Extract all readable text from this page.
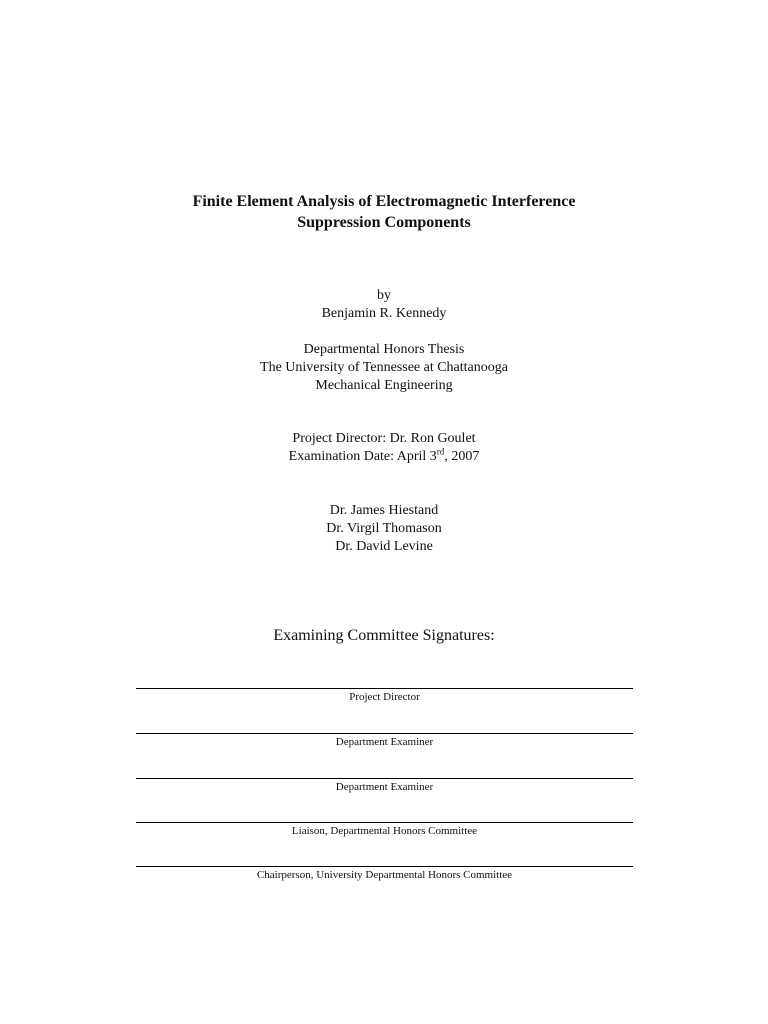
Finite Element Analysis of Electromagnetic Interference
Suppression Components
by
Benjamin R. Kennedy
Departmental Honors Thesis
The University of Tennessee at Chattanooga
Mechanical Engineering
Project Director: Dr. Ron Goulet
Examination Date: April 3rd, 2007
Dr. James Hiestand
Dr. Virgil Thomason
Dr. David Levine
Examining Committee Signatures:
Project Director
Department Examiner
Department Examiner
Liaison, Departmental Honors Committee
Chairperson, University Departmental Honors Committee
